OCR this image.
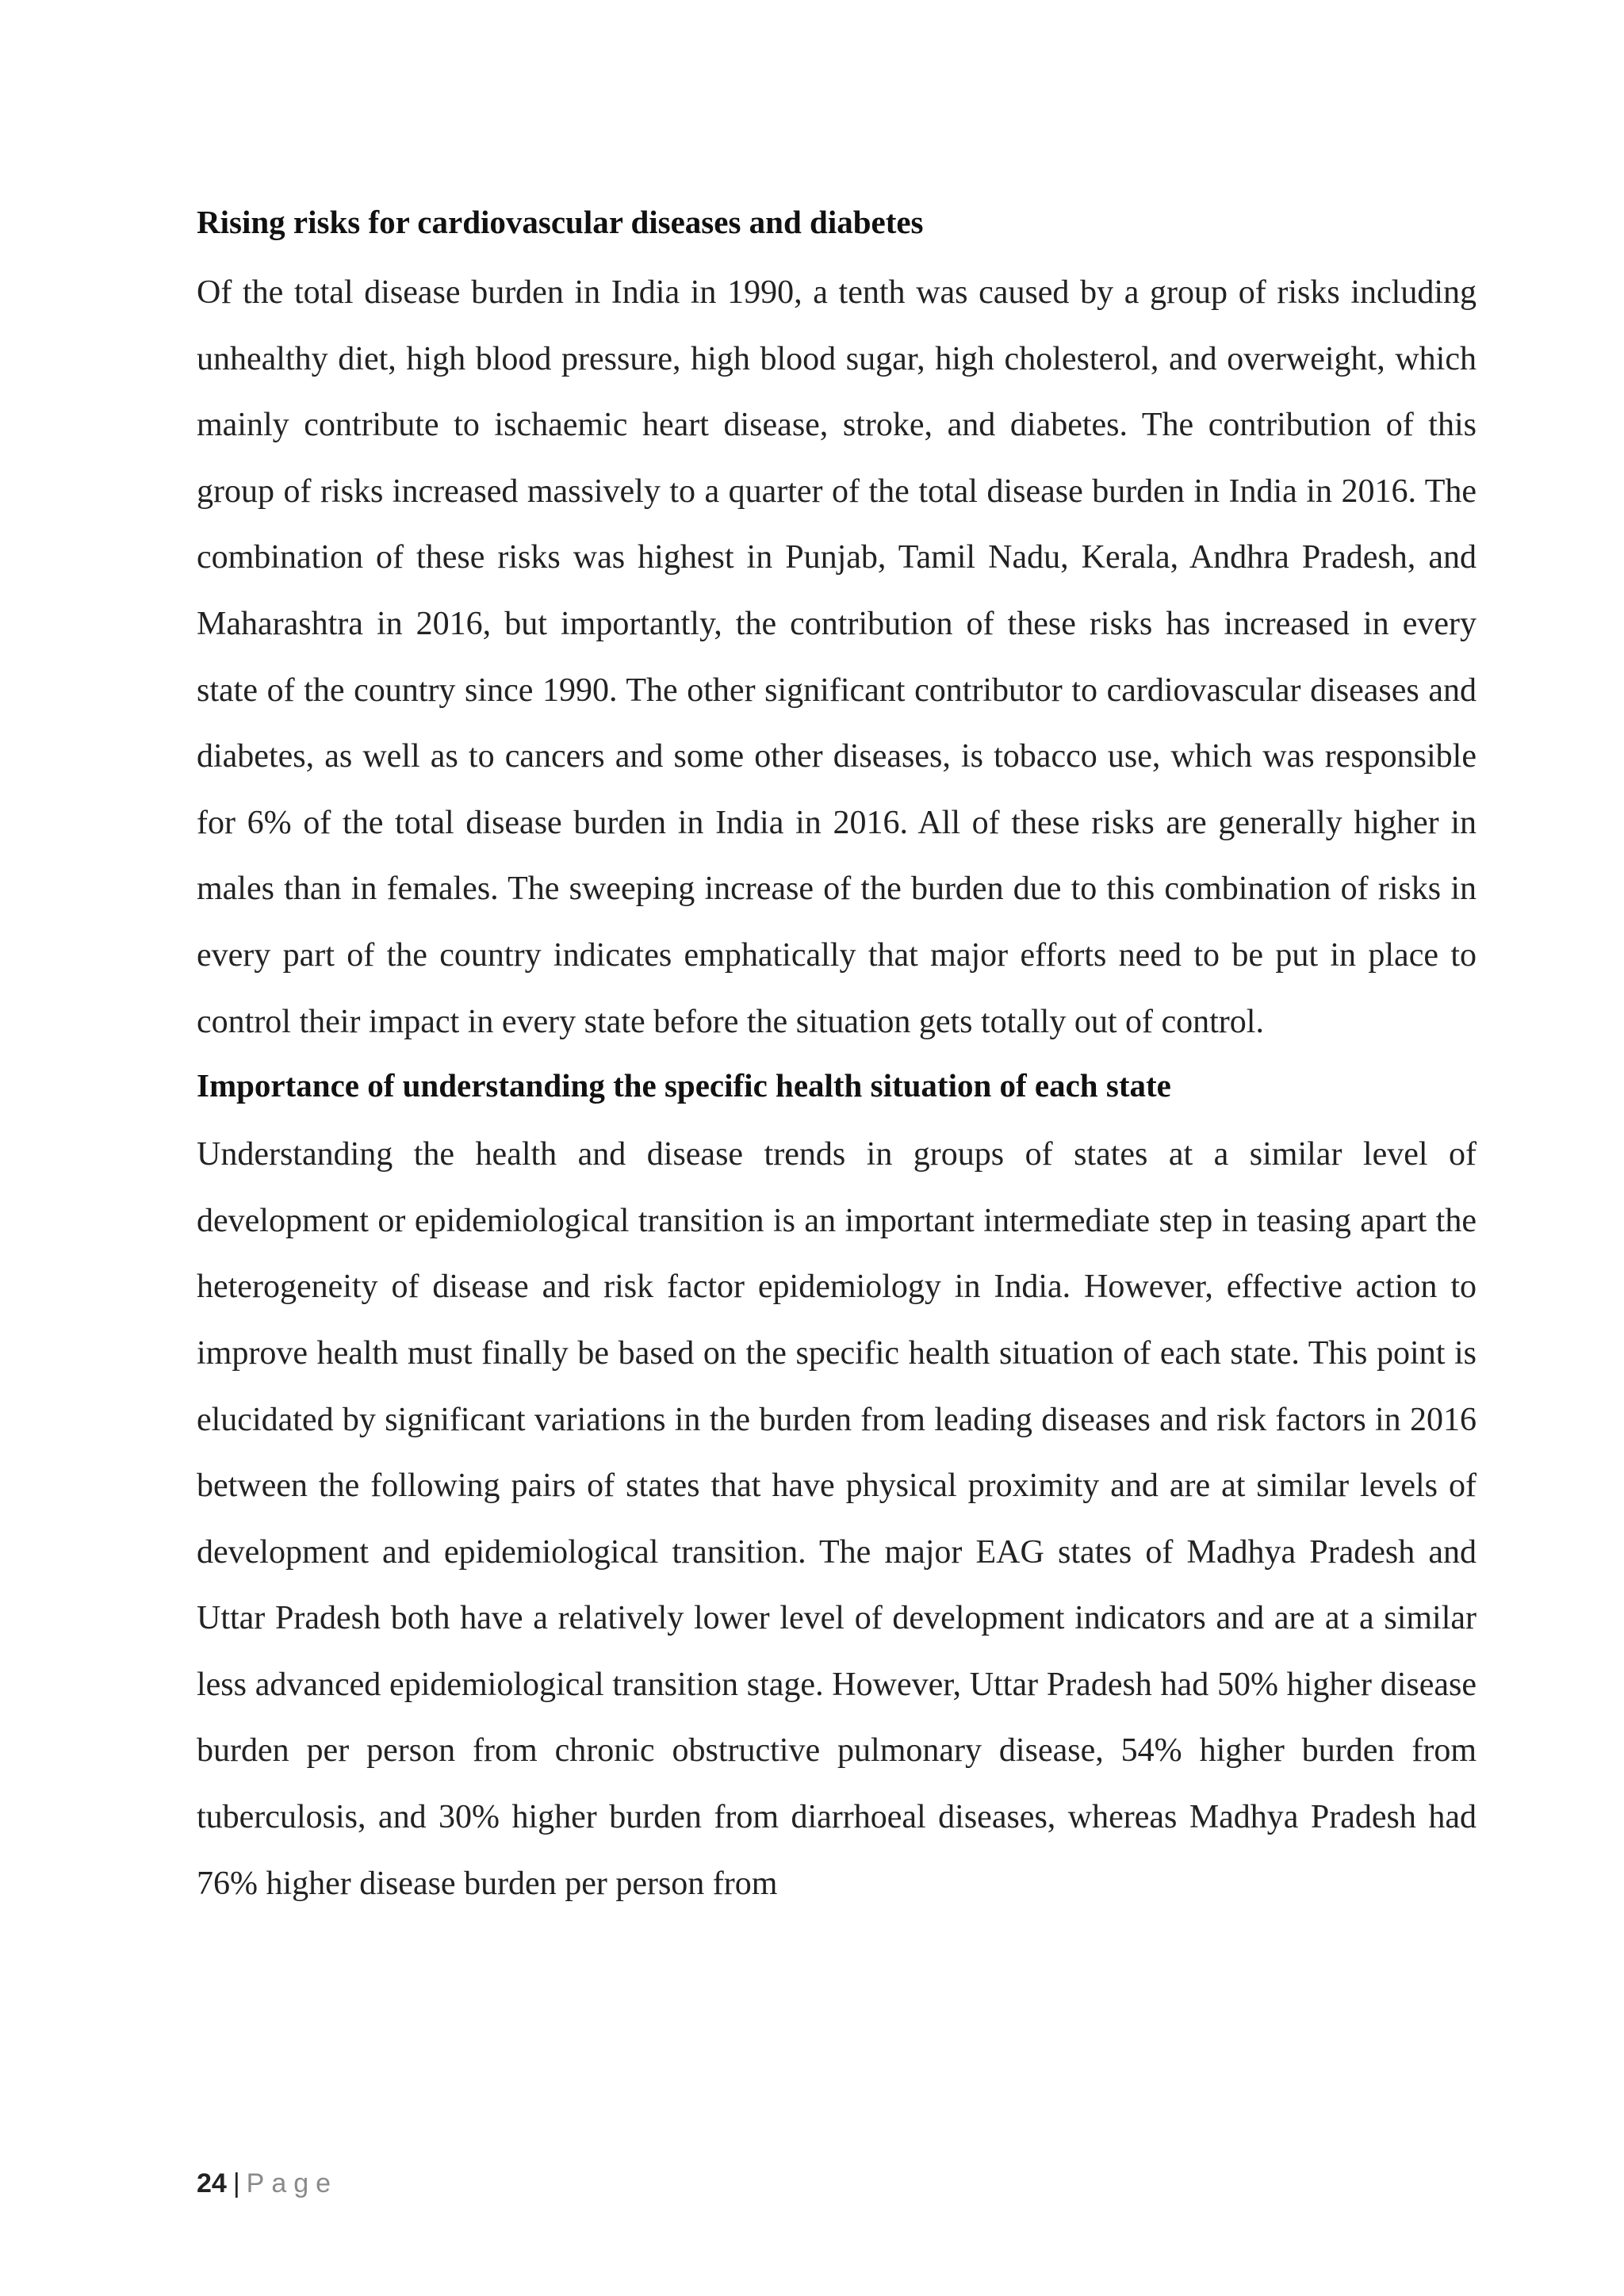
Rising risks for cardiovascular diseases and diabetes

Of the total disease burden in India in 1990, a tenth was caused by a group of risks including unhealthy diet, high blood pressure, high blood sugar, high cholesterol, and overweight, which mainly contribute to ischaemic heart disease, stroke, and diabetes. The contribution of this group of risks increased massively to a quarter of the total disease burden in India in 2016. The combination of these risks was highest in Punjab, Tamil Nadu, Kerala, Andhra Pradesh, and Maharashtra in 2016, but importantly, the contribution of these risks has increased in every state of the country since 1990. The other significant contributor to cardiovascular diseases and diabetes, as well as to cancers and some other diseases, is tobacco use, which was responsible for 6% of the total disease burden in India in 2016. All of these risks are generally higher in males than in females. The sweeping increase of the burden due to this combination of risks in every part of the country indicates emphatically that major efforts need to be put in place to control their impact in every state before the situation gets totally out of control.

Importance of understanding the specific health situation of each state

Understanding the health and disease trends in groups of states at a similar level of development or epidemiological transition is an important intermediate step in teasing apart the heterogeneity of disease and risk factor epidemiology in India. However, effective action to improve health must finally be based on the specific health situation of each state. This point is elucidated by significant variations in the burden from leading diseases and risk factors in 2016 between the following pairs of states that have physical proximity and are at similar levels of development and epidemiological transition. The major EAG states of Madhya Pradesh and Uttar Pradesh both have a relatively lower level of development indicators and are at a similar less advanced epidemiological transition stage. However, Uttar Pradesh had 50% higher disease burden per person from chronic obstructive pulmonary disease, 54% higher burden from tuberculosis, and 30% higher burden from diarrhoeal diseases, whereas Madhya Pradesh had 76% higher disease burden per person from

24 | Page
